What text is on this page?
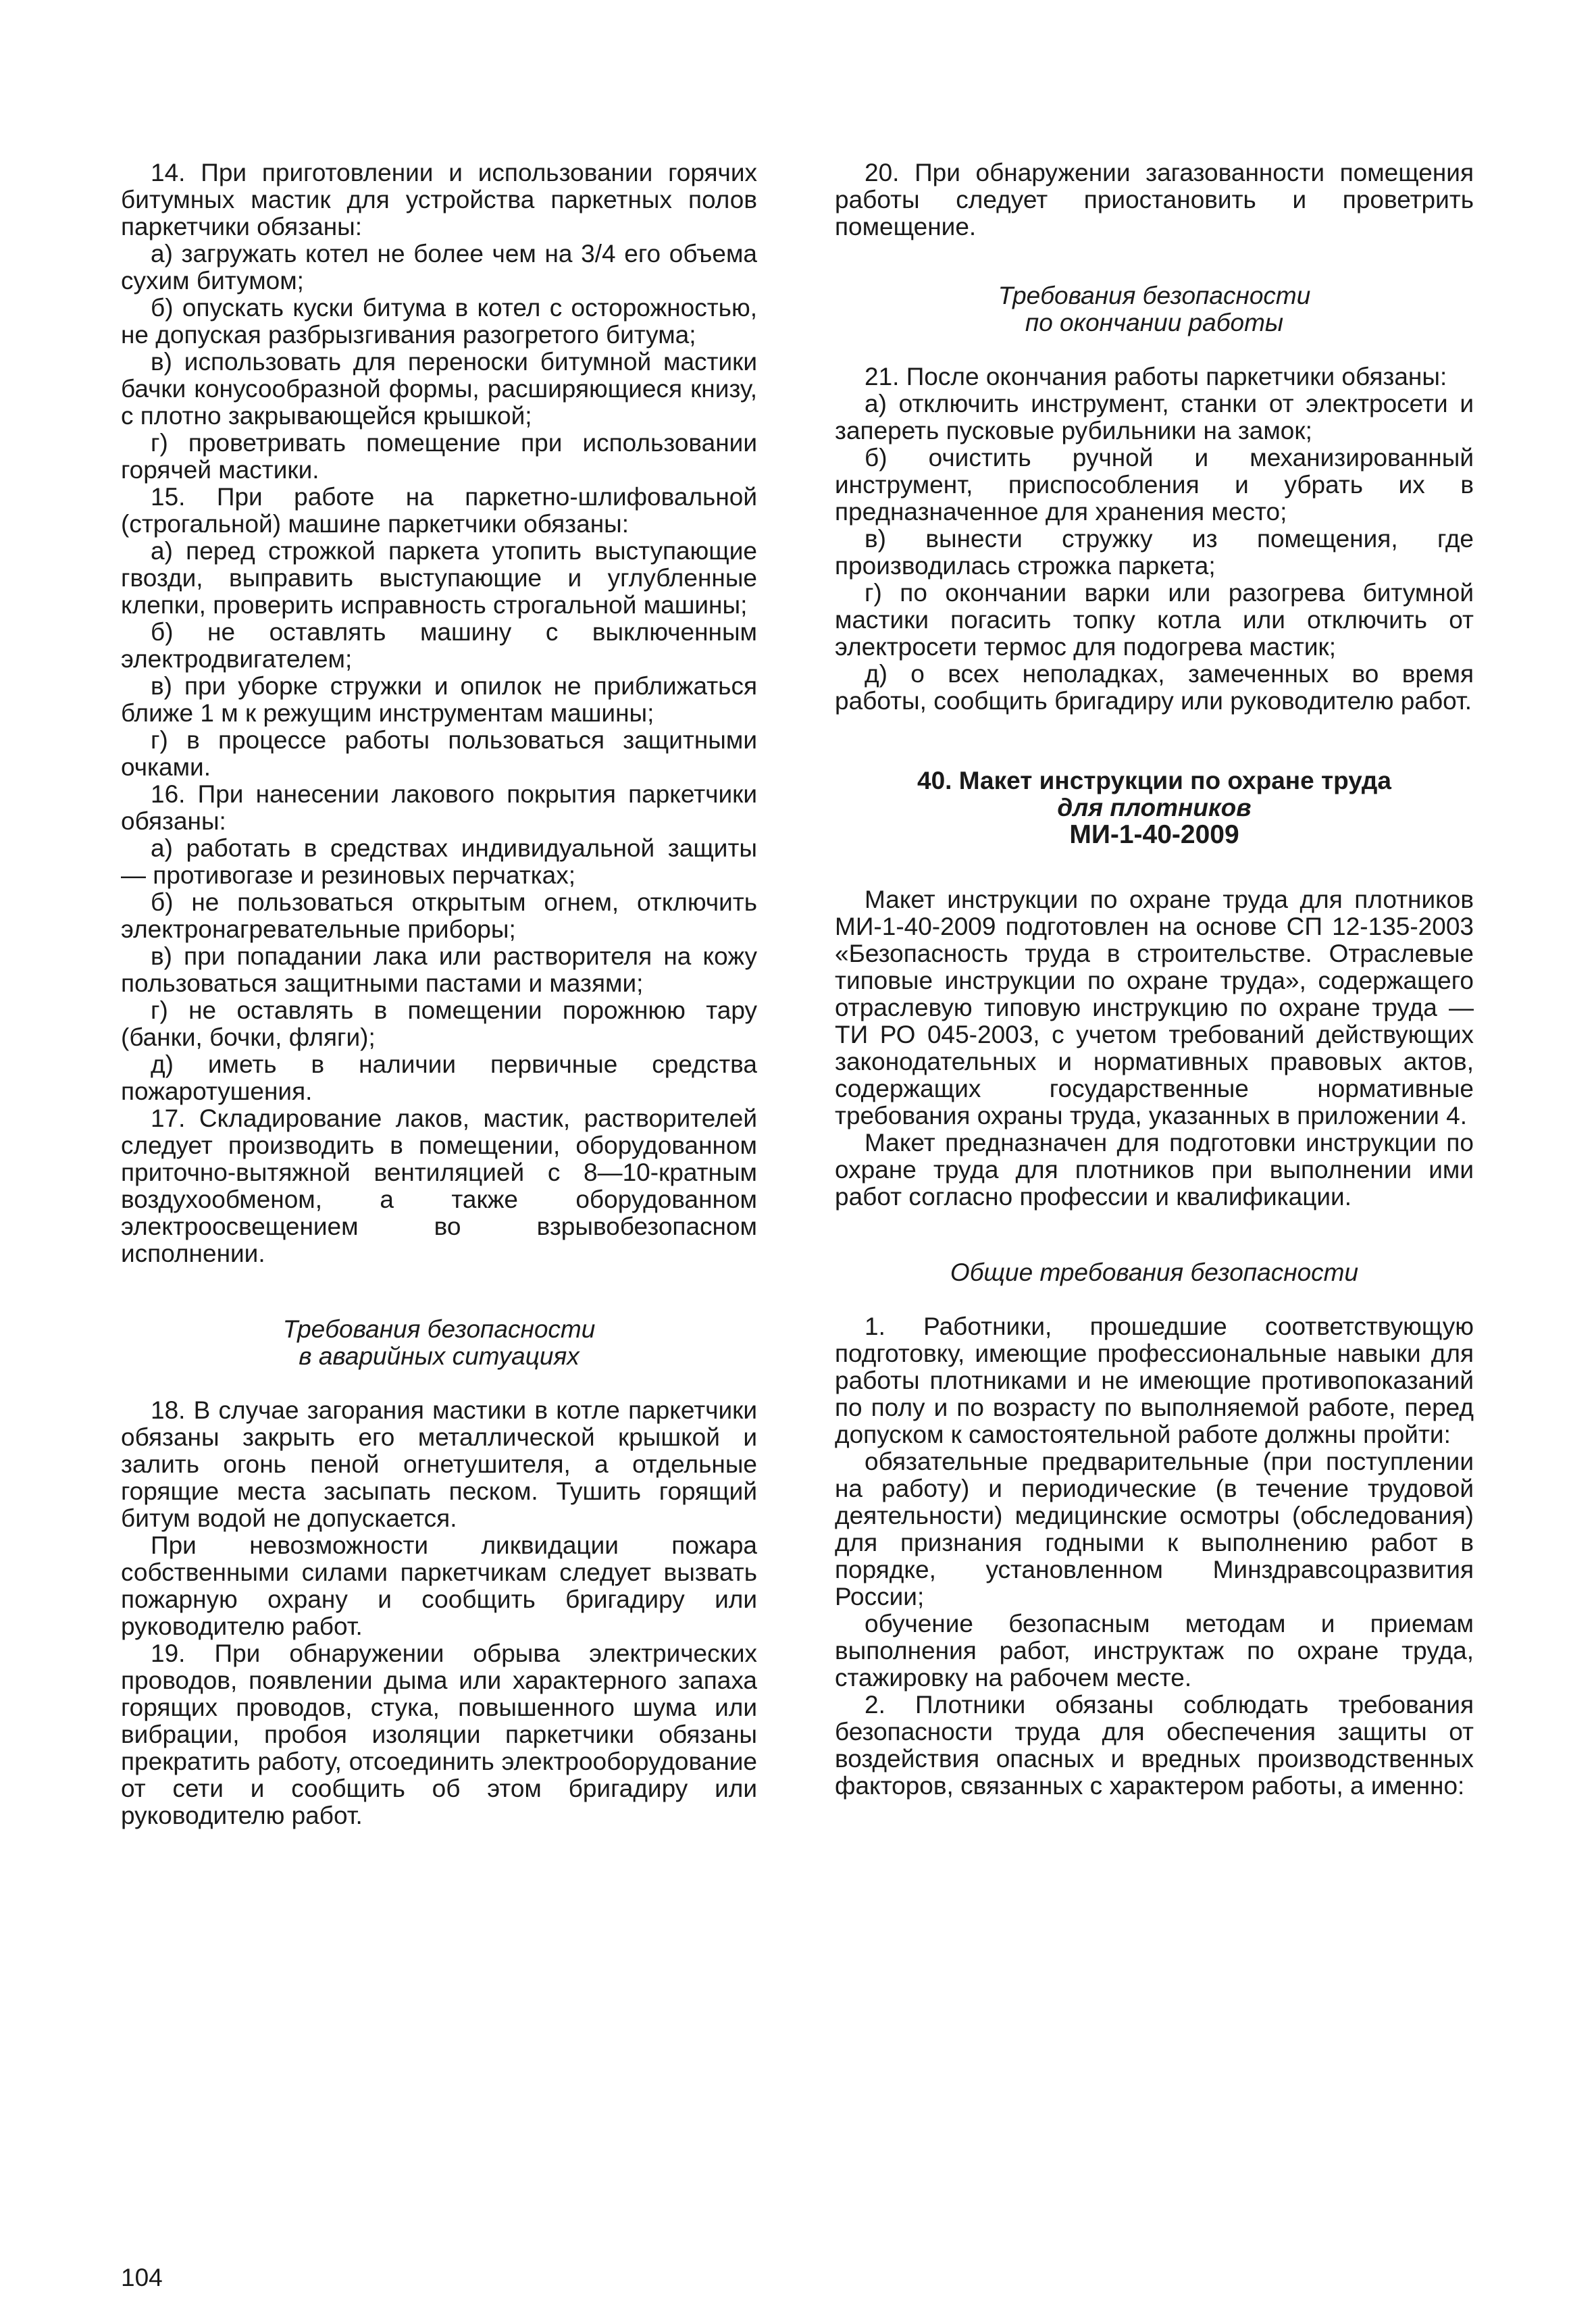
14. При приготовлении и использовании горячих битумных мастик для устройства паркетных полов паркетчики обязаны:

а) загружать котел не более чем на 3/4 его объема сухим битумом;

б) опускать куски битума в котел с осторожностью, не допуская разбрызгивания разогретого битума;

в) использовать для переноски битумной мастики бачки конусообразной формы, расширяющиеся книзу, с плотно закрывающейся крышкой;

г) проветривать помещение при использовании горячей мастики.

15. При работе на паркетно-шлифовальной (строгальной) машине паркетчики обязаны:

а) перед строжкой паркета утопить выступающие гвозди, выправить выступающие и углубленные клепки, проверить исправность строгальной машины;

б) не оставлять машину с выключенным электродвигателем;

в) при уборке стружки и опилок не приближаться ближе 1 м к режущим инструментам машины;

г) в процессе работы пользоваться защитными очками.

16. При нанесении лакового покрытия паркетчики обязаны:

а) работать в средствах индивидуальной защиты — противогазе и резиновых перчатках;

б) не пользоваться открытым огнем, отключить электронагревательные приборы;

в) при попадании лака или растворителя на кожу пользоваться защитными пастами и мазями;

г) не оставлять в помещении порожнюю тару (банки, бочки, фляги);

д) иметь в наличии первичные средства пожаротушения.

17. Складирование лаков, мастик, растворителей следует производить в помещении, оборудованном приточно-вытяжной вентиляцией с 8—10-кратным воздухообменом, а также оборудованном электроосвещением во взрывобезопасном исполнении.

Требования безопасности
в аварийных ситуациях

18. В случае загорания мастики в котле паркетчики обязаны закрыть его металлической крышкой и залить огонь пеной огнетушителя, а отдельные горящие места засыпать песком. Тушить горящий битум водой не допускается.

При невозможности ликвидации пожара собственными силами паркетчикам следует вызвать пожарную охрану и сообщить бригадиру или руководителю работ.

19. При обнаружении обрыва электрических проводов, появлении дыма или характерного запаха горящих проводов, стука, повышенного шума или вибрации, пробоя изоляции паркетчики обязаны прекратить работу, отсоединить электрооборудование от сети и сообщить об этом бригадиру или руководителю работ.

20. При обнаружении загазованности помещения работы следует приостановить и проветрить помещение.

Требования безопасности
по окончании работы

21. После окончания работы паркетчики обязаны:

а) отключить инструмент, станки от электросети и запереть пусковые рубильники на замок;

б) очистить ручной и механизированный инструмент, приспособления и убрать их в предназначенное для хранения место;

в) вынести стружку из помещения, где производилась строжка паркета;

г) по окончании варки или разогрева битумной мастики погасить топку котла или отключить от электросети термос для подогрева мастик;

д) о всех неполадках, замеченных во время работы, сообщить бригадиру или руководителю работ.

40. Макет инструкции по охране труда
для плотников
МИ-1-40-2009

Макет инструкции по охране труда для плотников МИ-1-40-2009 подготовлен на основе СП 12-135-2003 «Безопасность труда в строительстве. Отраслевые типовые инструкции по охране труда», содержащего отраслевую типовую инструкцию по охране труда — ТИ РО 045-2003, с учетом требований действующих законодательных и нормативных правовых актов, содержащих государственные нормативные требования охраны труда, указанных в приложении 4.

Макет предназначен для подготовки инструкции по охране труда для плотников при выполнении ими работ согласно профессии и квалификации.

Общие требования безопасности

1. Работники, прошедшие соответствующую подготовку, имеющие профессиональные навыки для работы плотниками и не имеющие противопоказаний по полу и по возрасту по выполняемой работе, перед допуском к самостоятельной работе должны пройти:

обязательные предварительные (при поступлении на работу) и периодические (в течение трудовой деятельности) медицинские осмотры (обследования) для признания годными к выполнению работ в порядке, установленном Минздравсоцразвития России;

обучение безопасным методам и приемам выполнения работ, инструктаж по охране труда, стажировку на рабочем месте.

2. Плотники обязаны соблюдать требования безопасности труда для обеспечения защиты от воздействия опасных и вредных производственных факторов, связанных с характером работы, а именно:

104
